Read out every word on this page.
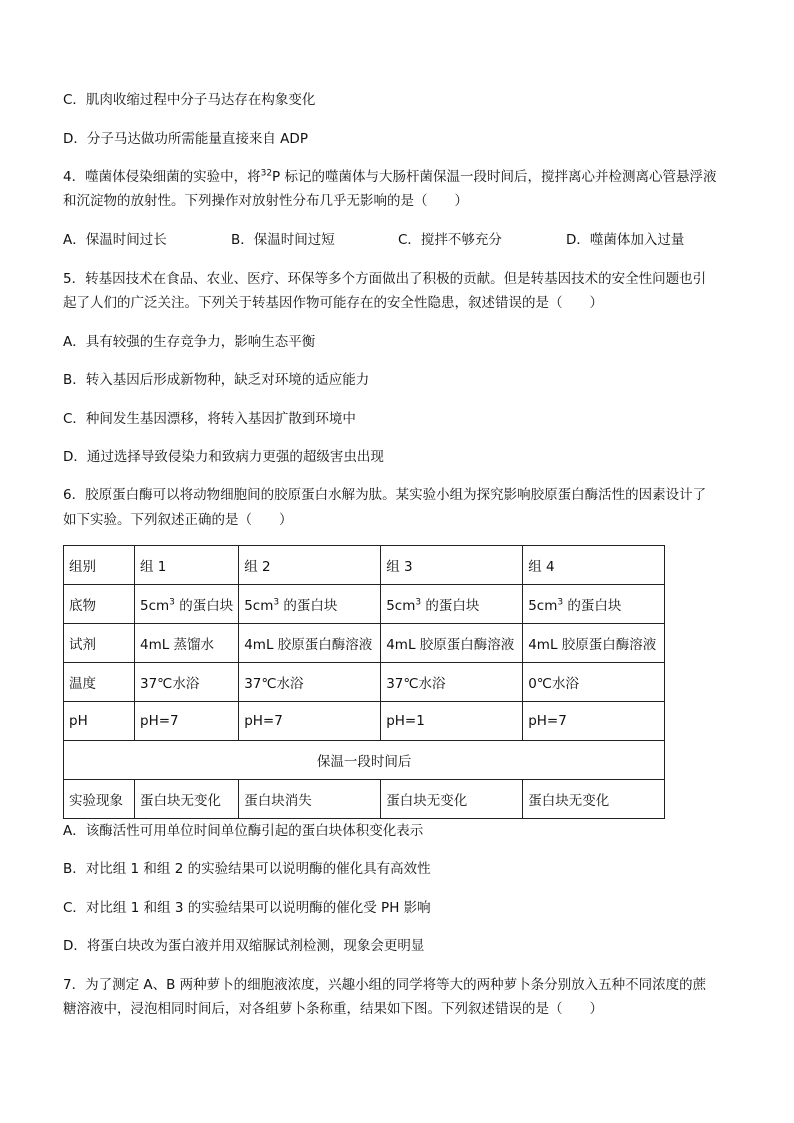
C．肌肉收缩过程中分子马达存在构象变化
D．分子马达做功所需能量直接来自 ADP
4．噬菌体侵染细菌的实验中，将$^{32}$P 标记的噬菌体与大肠杆菌保温一段时间后，搅拌离心并检测离心管悬浮液
和沉淀物的放射性。下列操作对放射性分布几乎无影响的是（　　）
A．保温时间过长	B．保温时间过短	C．搅拌不够充分	D．噬菌体加入过量
5．转基因技术在食品、农业、医疗、环保等多个方面做出了积极的贡献。但是转基因技术的安全性问题也引
起了人们的广泛关注。下列关于转基因作物可能存在的安全性隐患，叙述错误的是（　　）
A．具有较强的生存竞争力，影响生态平衡
B．转入基因后形成新物种，缺乏对环境的适应能力
C．种间发生基因漂移，将转入基因扩散到环境中
D．通过选择导致侵染力和致病力更强的超级害虫出现
6．胶原蛋白酶可以将动物细胞间的胶原蛋白水解为肽。某实验小组为探究影响胶原蛋白酶活性的因素设计了
如下实验。下列叙述正确的是（　　）
组别	组 1	组 2	组 3	组 4
底物	$5cm^3$ 的蛋白块	$5cm^3$ 的蛋白块	$5cm^3$ 的蛋白块	$5cm^3$ 的蛋白块
试剂	4mL 蒸馏水	4mL 胶原蛋白酶溶液	4mL 胶原蛋白酶溶液	4mL 胶原蛋白酶溶液
温度	37℃水浴	37℃水浴	37℃水浴	0℃水浴
pH	pH=7	pH=7	pH=1	pH=7
保温一段时间后				
实验现象	蛋白块无变化	蛋白块消失	蛋白块无变化	蛋白块无变化
A．该酶活性可用单位时间单位酶引起的蛋白块体积变化表示
B．对比组 1 和组 2 的实验结果可以说明酶的催化具有高效性
C．对比组 1 和组 3 的实验结果可以说明酶的催化受 PH 影响
D．将蛋白块改为蛋白液并用双缩脲试剂检测，现象会更明显
7．为了测定 A、B 两种萝卜的细胞液浓度，兴趣小组的同学将等大的两种萝卜条分别放入五种不同浓度的蔗
糖溶液中，浸泡相同时间后，对各组萝卜条称重，结果如下图。下列叙述错误的是（　　）
